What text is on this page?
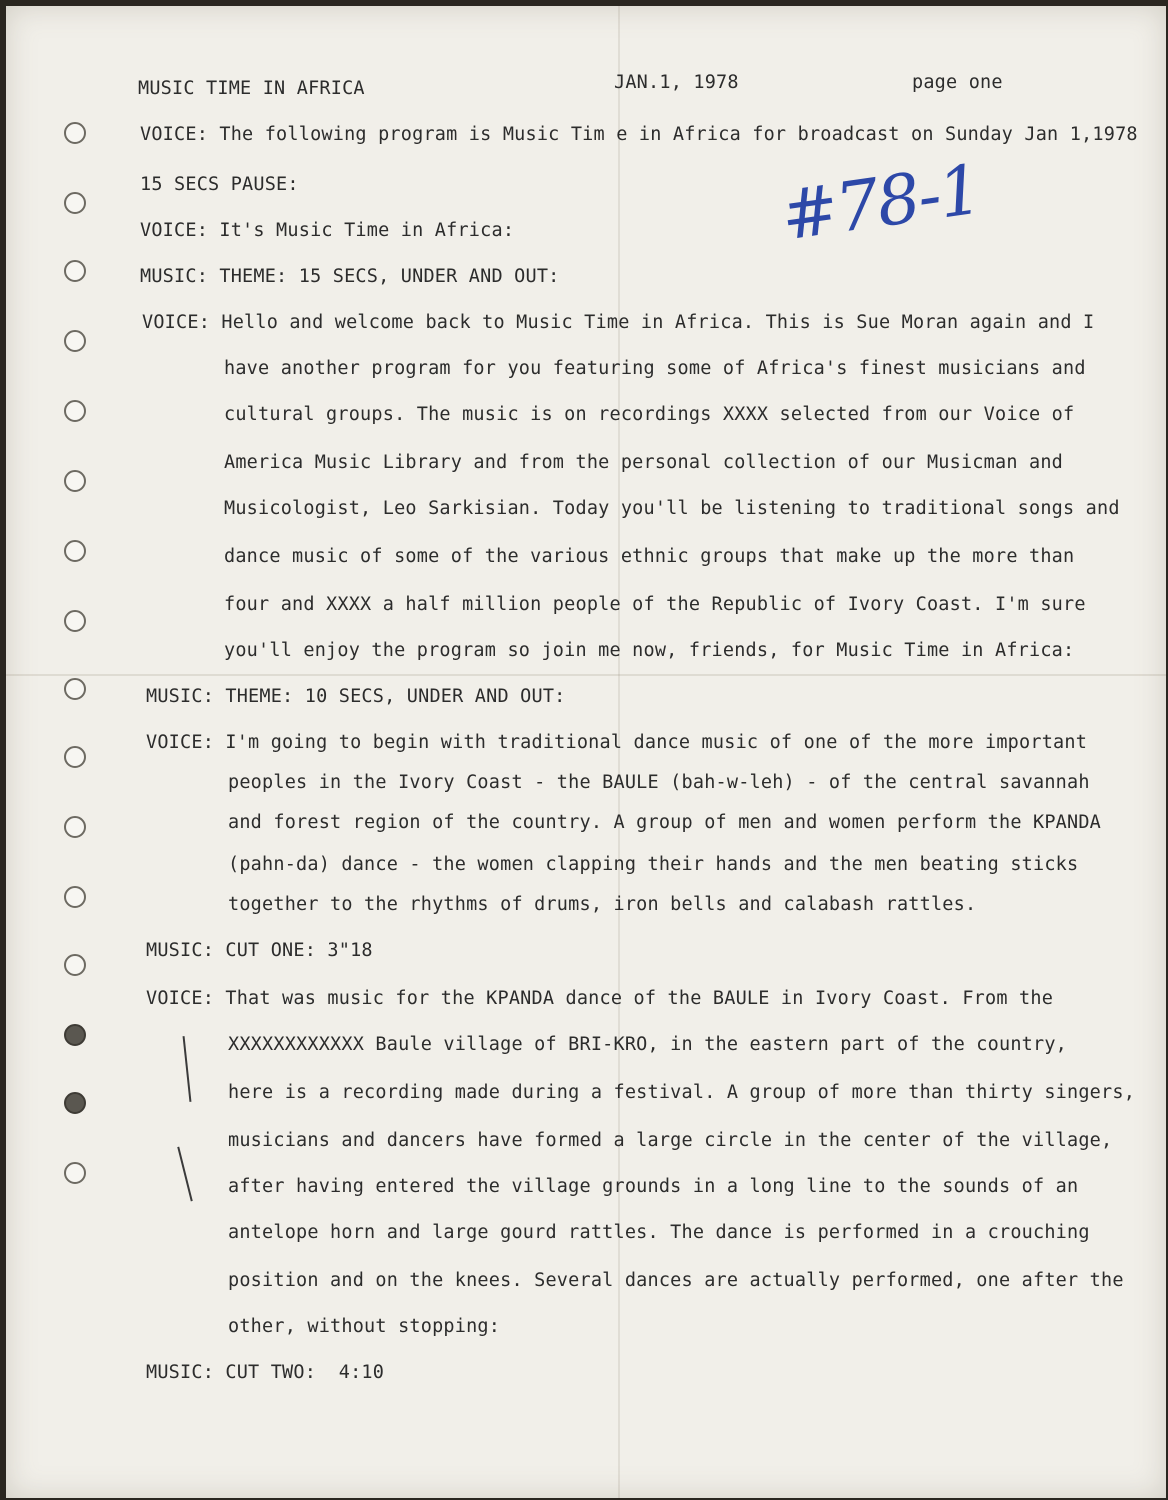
MUSIC TIME IN AFRICA	JAN.1, 1978	page one
#78-1
VOICE: The following program is Music Tim e in Africa for broadcast on Sunday Jan 1,1978
15 SECS PAUSE:
VOICE: It's Music Time in Africa:
MUSIC: THEME: 15 SECS, UNDER AND OUT:
VOICE: Hello and welcome back to Music Time in Africa. This is Sue Moran again and I
have another program for you featuring some of Africa's finest musicians and
cultural groups. The music is on recordings XXXX selected from our Voice of
America Music Library and from the personal collection of our Musicman and
Musicologist, Leo Sarkisian. Today you'll be listening to traditional songs and
dance music of some of the various ethnic groups that make up the more than
four and XXXX a half million people of the Republic of Ivory Coast. I'm sure
you'll enjoy the program so join me now, friends, for Music Time in Africa:
MUSIC: THEME: 10 SECS, UNDER AND OUT:
VOICE: I'm going to begin with traditional dance music of one of the more important
peoples in the Ivory Coast - the BAULE (bah-w-leh) - of the central savannah
and forest region of the country. A group of men and women perform the KPANDA
(pahn-da) dance - the women clapping their hands and the men beating sticks
together to the rhythms of drums, iron bells and calabash rattles.
MUSIC: CUT ONE: 3"18
VOICE: That was music for the KPANDA dance of the BAULE in Ivory Coast. From the
XXXXXXXXXXXX Baule village of BRI-KRO, in the eastern part of the country,
here is a recording made during a festival. A group of more than thirty singers,
musicians and dancers have formed a large circle in the center of the village,
after having entered the village grounds in a long line to the sounds of an
antelope horn and large gourd rattles. The dance is performed in a crouching
position and on the knees. Several dances are actually performed, one after the
other, without stopping:
MUSIC: CUT TWO:  4:10
